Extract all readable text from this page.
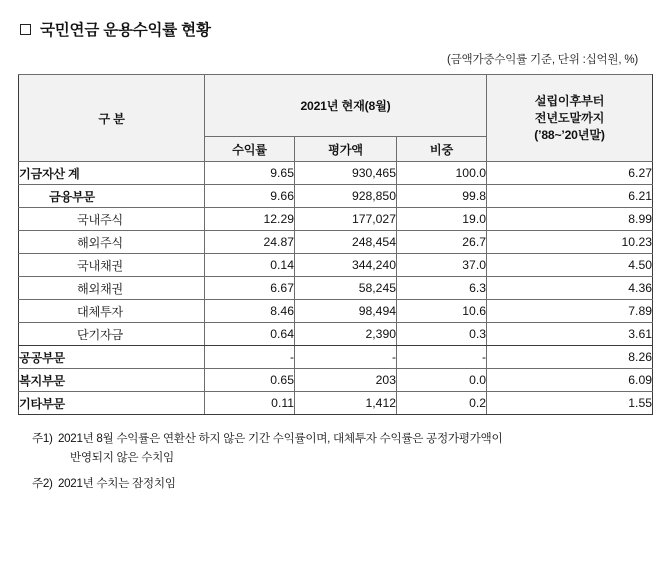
국민연금 운용수익률 현황
(금액가중수익률 기준, 단위 :십억원, %)
구 분	2021년 현재(8월)			설립이후부터
전년도말까지
(’88~’20년말)

	수익률	평가액	비중	
기금자산 계	9.65	930,465	100.0	6.27
금융부문	9.66	928,850	99.8	6.21
국내주식	12.29	177,027	19.0	8.99
해외주식	24.87	248,454	26.7	10.23
국내채권	0.14	344,240	37.0	4.50
해외채권	6.67	58,245	6.3	4.36
대체투자	8.46	98,494	10.6	7.89
단기자금	0.64	2,390	0.3	3.61
공공부문	-	-	-	8.26
복지부문	0.65	203	0.0	6.09
기타부문	0.11	1,412	0.2	1.55
주1) 2021년 8월 수익률은 연환산 하지 않은 기간 수익률이며, 대체투자 수익률은 공정가평가액이
반영되지 않은 수치임
주2) 2021년 수치는 잠정치임
